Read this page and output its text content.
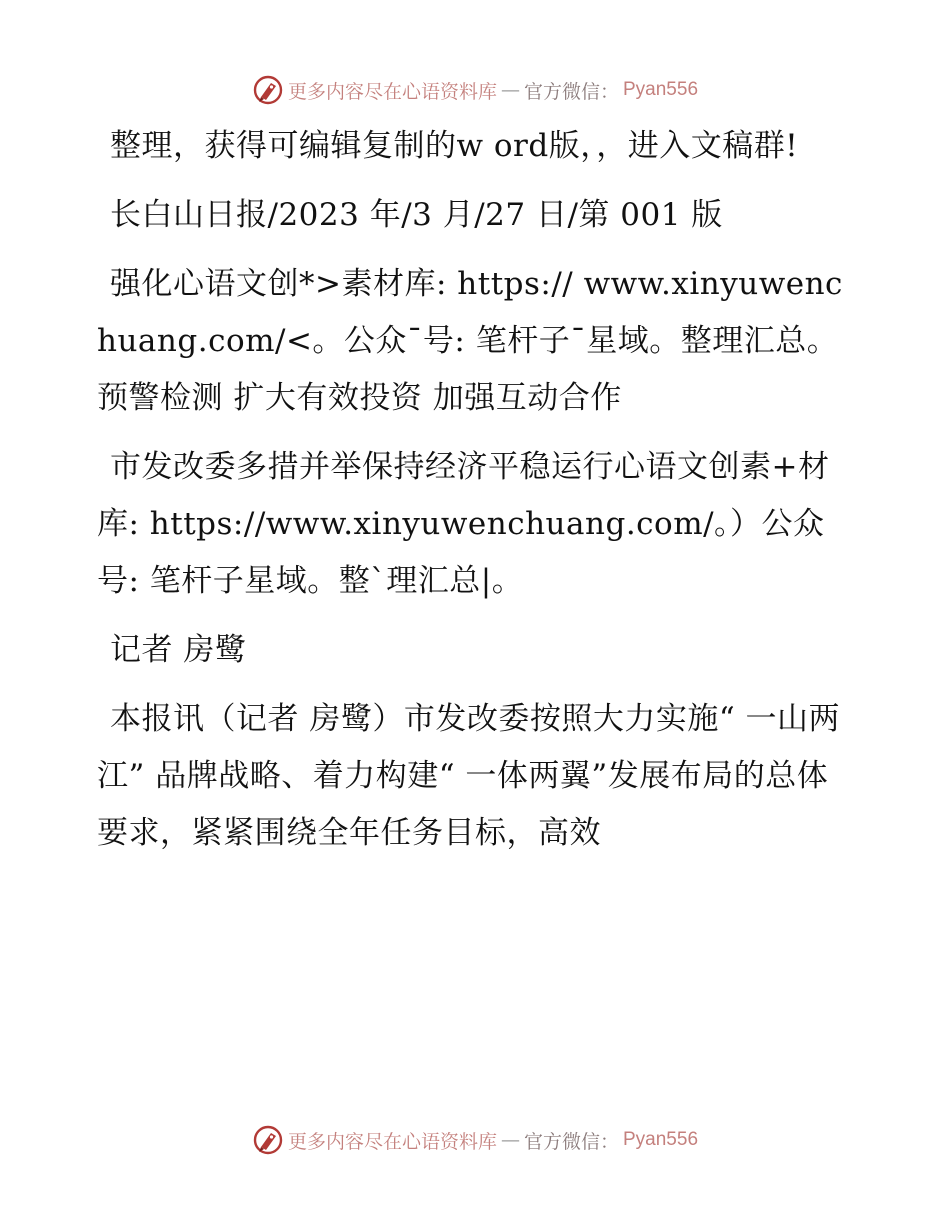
更多内容尽在心语资料库 — 官方微信： Pyan556

整理，获得可编辑复制的w ord版，，进入文稿群!

长白山日报/2023 年/3 月/27 日/第 001 版

强化心语文创*>素材库: https:// www.xinyuwenchuang.com/<。公众¯号: 笔杆子¯星域。整理汇总。预警检测 扩大有效投资 加强互动合作

市发改委多措并举保持经济平稳运行心语文创素+材库: https://www.xinyuwenchuang.com/。）公众号: 笔杆子星域。整`理汇总|。

记者 房鹭

本报讯（记者 房鹭）市发改委按照大力实施“ 一山两江” 品牌战略、着力构建“ 一体两翼”发展布局的总体要求，紧紧围绕全年任务目标，高效

更多内容尽在心语资料库 — 官方微信： Pyan556
